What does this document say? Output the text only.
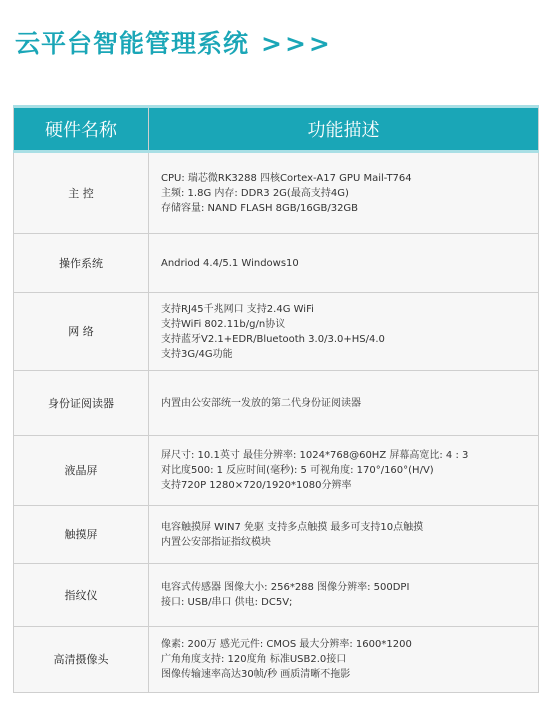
云平台智能管理系统 >>>
硬件名称	功能描述
主 控	CPU: 瑞芯微RK3288 四核Cortex-A17 GPU Mail-T764
主频: 1.8G 内存: DDR3 2G(最高支持4G)
存储容量: NAND FLASH 8GB/16GB/32GB

操作系统	Andriod 4.4/5.1 Windows10

网 络	支持RJ45千兆网口 支持2.4G WiFi
支持WiFi 802.11b/g/n协议
支持蓝牙V2.1+EDR/Bluetooth 3.0/3.0+HS/4.0
支持3G/4G功能

身份证阅读器	内置由公安部统一发放的第二代身份证阅读器

液晶屏	屏尺寸: 10.1英寸 最佳分辨率: 1024*768@60HZ 屏幕高宽比: 4 : 3
对比度500: 1 反应时间(毫秒): 5 可视角度: 170°/160°(H/V)
支持720P 1280×720/1920*1080分辨率

触摸屏	电容触摸屏 WIN7 免驱 支持多点触摸 最多可支持10点触摸
内置公安部指证指纹模块

指纹仪	电容式传感器 图像大小: 256*288 图像分辨率: 500DPI
接口: USB/串口 供电: DC5V;

高清摄像头	像素: 200万 感光元件: CMOS 最大分辨率: 1600*1200
广角角度支持: 120度角 标准USB2.0接口
图像传输速率高达30帧/秒 画质清晰不拖影
